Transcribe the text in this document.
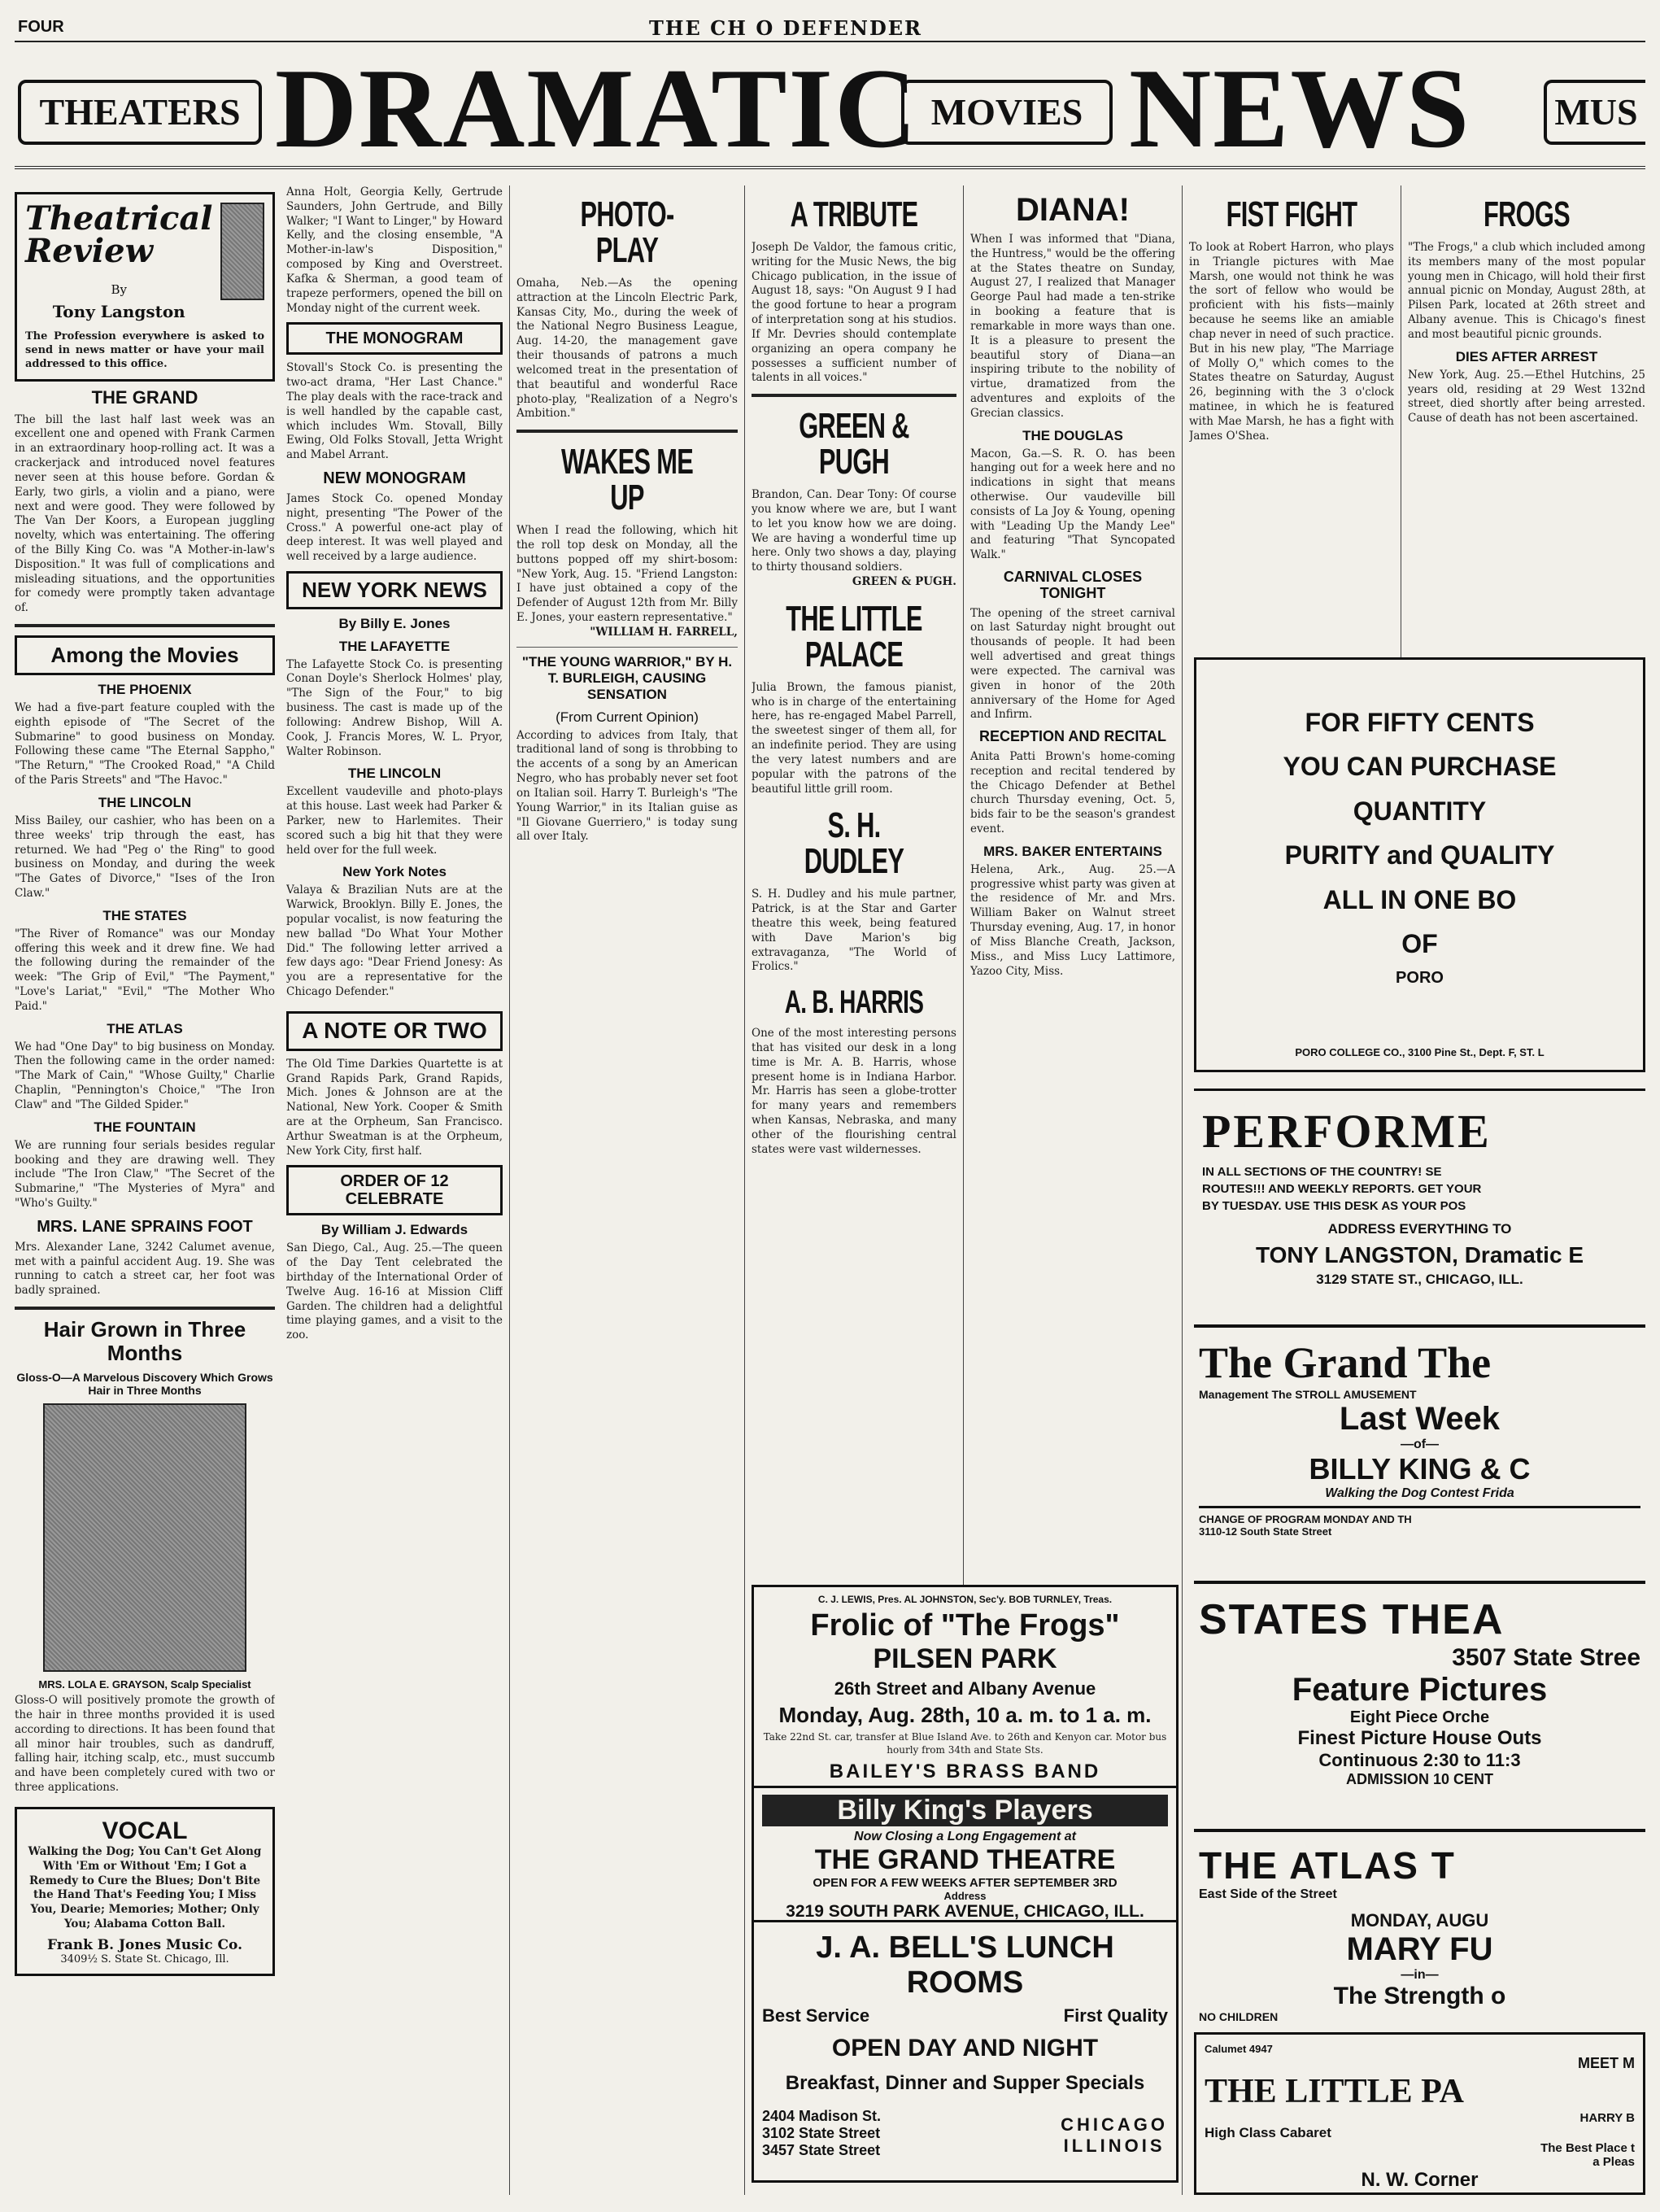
FOUR	THE CH O DEFENDER
THEATERS DRAMATIC MOVIES NEWS MUS
Theatrical Review
By
Tony Langston
The Profession everywhere is asked to send in news matter or have your mail addressed to this office.
THE GRAND
The bill the last half last week was an excellent one and opened with Frank Carmen in an extraordinary hoop-rolling act. It was a crackerjack and introduced novel features never seen at this house before. Gordan & Early, two girls, a violin and a piano, were next and were good. They were followed by The Van Der Koors, a European juggling novelty, which was entertaining. The offering of the Billy King Co. was "A Mother-in-law's Disposition." It was full of complications and misleading situations, and the opportunities for comedy were promptly taken advantage of.
Among the Movies
THE PHOENIX
We had a five-part feature coupled with the eighth episode of "The Secret of the Submarine" to good business on Monday. Following these came "The Eternal Sappho," "The Return," "The Crooked Road," "A Child of the Paris Streets" and "The Havoc."
THE LINCOLN
Miss Bailey, our cashier, who has been on a three weeks' trip through the east, has returned. We had "Peg o' the Ring" to good business on Monday, and during the week "The Gates of Divorce," "Ises of the Iron Claw."
THE STATES
"The River of Romance" was our Monday offering this week and it drew fine. We had the following during the remainder of the week: "The Grip of Evil," "The Payment," "Love's Lariat," "Evil," "The Mother Who Paid."
THE ATLAS
We had "One Day" to big business on Monday. Then the following came in the order named: "The Mark of Cain," "Whose Guilty," Charlie Chaplin, "Pennington's Choice," "The Iron Claw" and "The Gilded Spider."
THE FOUNTAIN
We are running four serials besides regular booking and they are drawing well. They include "The Iron Claw," "The Secret of the Submarine," "The Mysteries of Myra" and "Who's Guilty."
MRS. LANE SPRAINS FOOT
Mrs. Alexander Lane, 3242 Calumet avenue, met with a painful accident Aug. 19. She was running to catch a street car, her foot was badly sprained.
Hair Grown in Three Months
Gloss-O—A Marvelous Discovery Which Grows Hair in Three Months
MRS. LOLA E. GRAYSON, Scalp Specialist
Gloss-O will positively promote the growth of the hair in three months provided it is used according to directions. It has been found that all minor hair troubles, such as dandruff, falling hair, itching scalp, etc., must succumb and have been completely cured with two or three applications.
VOCAL
Walking the Dog; You Can't Get Along With 'Em or Without 'Em; I Got a Remedy to Cure the Blues; Don't Bite the Hand That's Feeding You; I Miss You, Dearie; Memories; Mother; Only You; Alabama Cotton Ball.
Frank B. Jones Music Co.
3409½ S. State St. Chicago, Ill.
Anna Holt, Georgia Kelly, Gertrude Saunders, John Gertrude, and Billy Walker; "I Want to Linger," by Howard Kelly, and the closing ensemble, "A Mother-in-law's Disposition," composed by King and Overstreet. Kafka & Sherman, a good team of trapeze performers, opened the bill on Monday night of the current week.
THE MONOGRAM
Stovall's Stock Co. is presenting the two-act drama, "Her Last Chance." The play deals with the race-track and is well handled by the capable cast, which includes Wm. Stovall, Billy Ewing, Old Folks Stovall, Jetta Wright and Mabel Arrant.
NEW MONOGRAM
James Stock Co. opened Monday night, presenting "The Power of the Cross." A powerful one-act play of deep interest. It was well played and well received by a large audience.
NEW YORK NEWS
By Billy E. Jones
THE LAFAYETTE
The Lafayette Stock Co. is presenting Conan Doyle's Sherlock Holmes' play, "The Sign of the Four," to big business. The cast is made up of the following: Andrew Bishop, Will A. Cook, J. Francis Mores, W. L. Pryor, Walter Robinson.
THE LINCOLN
Excellent vaudeville and photo-plays at this house. Last week had Parker & Parker, new to Harlemites. Their scored such a big hit that they were held over for the full week.
New York Notes
Valaya & Brazilian Nuts are at the Warwick, Brooklyn. Billy E. Jones, the popular vocalist, is now featuring the new ballad "Do What Your Mother Did." The following letter arrived a few days ago: "Dear Friend Jonesy: As you are a representative for the Chicago Defender."
A NOTE OR TWO
The Old Time Darkies Quartette is at Grand Rapids Park, Grand Rapids, Mich. Jones & Johnson are at the National, New York. Cooper & Smith are at the Orpheum, San Francisco. Arthur Sweatman is at the Orpheum, New York City, first half.
ORDER OF 12 CELEBRATE
By William J. Edwards
San Diego, Cal., Aug. 25.—The queen of the Day Tent celebrated the birthday of the International Order of Twelve Aug. 16-16 at Mission Cliff Garden. The children had a delightful time playing games, and a visit to the zoo.
PHOTO-PLAY
Omaha, Neb.—As the opening attraction at the Lincoln Electric Park, Kansas City, Mo., during the week of the National Negro Business League, Aug. 14-20, the management gave their thousands of patrons a much welcomed treat in the presentation of that beautiful and wonderful Race photo-play, "Realization of a Negro's Ambition."
WAKES ME UP
When I read the following, which hit the roll top desk on Monday, all the buttons popped off my shirt-bosom: "New York, Aug. 15. "Friend Langston: I have just obtained a copy of the Defender of August 12th from Mr. Billy E. Jones, your eastern representative."
"WILLIAM H. FARRELL,
"THE YOUNG WARRIOR," BY H. T. BURLEIGH, CAUSING SENSATION
(From Current Opinion)
According to advices from Italy, that traditional land of song is throbbing to the accents of a song by an American Negro, who has probably never set foot on Italian soil. Harry T. Burleigh's "The Young Warrior," in its Italian guise as "Il Giovane Guerriero," is today sung all over Italy.
A TRIBUTE
Joseph De Valdor, the famous critic, writing for the Music News, the big Chicago publication, in the issue of August 18, says: "On August 9 I had the good fortune to hear a program of interpretation song at his studios. If Mr. Devries should contemplate organizing an opera company he possesses a sufficient number of talents in all voices."
GREEN & PUGH
Brandon, Can. Dear Tony: Of course you know where we are, but I want to let you know how we are doing. We are having a wonderful time up here. Only two shows a day, playing to thirty thousand soldiers.
GREEN & PUGH.
THE LITTLE PALACE
Julia Brown, the famous pianist, who is in charge of the entertaining here, has re-engaged Mabel Parrell, the sweetest singer of them all, for an indefinite period. They are using the very latest numbers and are popular with the patrons of the beautiful little grill room.
S. H. DUDLEY
S. H. Dudley and his mule partner, Patrick, is at the Star and Garter theatre this week, being featured with Dave Marion's big extravaganza, "The World of Frolics."
A. B. HARRIS
One of the most interesting persons that has visited our desk in a long time is Mr. A. B. Harris, whose present home is in Indiana Harbor. Mr. Harris has seen a globe-trotter for many years and remembers when Kansas, Nebraska, and many other of the flourishing central states were vast wildernesses.
DIANA!
When I was informed that "Diana, the Huntress," would be the offering at the States theatre on Sunday, August 27, I realized that Manager George Paul had made a ten-strike in booking a feature that is remarkable in more ways than one. It is a pleasure to present the beautiful story of Diana—an inspiring tribute to the nobility of virtue, dramatized from the adventures and exploits of the Grecian classics.
THE DOUGLAS
Macon, Ga.—S. R. O. has been hanging out for a week here and no indications in sight that means otherwise. Our vaudeville bill consists of La Joy & Young, opening with "Leading Up the Mandy Lee" and featuring "That Syncopated Walk."
CARNIVAL CLOSES TONIGHT
The opening of the street carnival on last Saturday night brought out thousands of people. It had been well advertised and great things were expected. The carnival was given in honor of the 20th anniversary of the Home for Aged and Infirm.
RECEPTION AND RECITAL
Anita Patti Brown's home-coming reception and recital tendered by the Chicago Defender at Bethel church Thursday evening, Oct. 5, bids fair to be the season's grandest event.
MRS. BAKER ENTERTAINS
Helena, Ark., Aug. 25.—A progressive whist party was given at the residence of Mr. and Mrs. William Baker on Walnut street Thursday evening, Aug. 17, in honor of Miss Blanche Creath, Jackson, Miss., and Miss Lucy Lattimore, Yazoo City, Miss.
FIST FIGHT
To look at Robert Harron, who plays in Triangle pictures with Mae Marsh, one would not think he was the sort of fellow who would be proficient with his fists—mainly because he seems like an amiable chap never in need of such practice. But in his new play, "The Marriage of Molly O," which comes to the States theatre on Saturday, August 26, beginning with the 3 o'clock matinee, in which he is featured with Mae Marsh, he has a fight with James O'Shea.
FROGS
"The Frogs," a club which included among its members many of the most popular young men in Chicago, will hold their first annual picnic on Monday, August 28th, at Pilsen Park, located at 26th street and Albany avenue. This is Chicago's finest and most beautiful picnic grounds.
DIES AFTER ARREST
New York, Aug. 25.—Ethel Hutchins, 25 years old, residing at 29 West 132nd street, died shortly after being arrested. Cause of death has not been ascertained.
FOR FIFTY CENTS
YOU CAN PURCHASE
QUANTITY
PURITY and QUALITY
ALL IN ONE BO
OF
PORO
PORO COLLEGE CO., 3100 Pine St., Dept. F, ST. L
PERFORME
IN ALL SECTIONS OF THE COUNTRY! SE
ROUTES!!! AND WEEKLY REPORTS. GET YOUR
BY TUESDAY. USE THIS DESK AS YOUR POS
ADDRESS EVERYTHING TO
TONY LANGSTON, Dramatic E
3129 STATE ST., CHICAGO, ILL.
The Grand The
Management The STROLL AMUSEMENT
Last Week
—of—
BILLY KING & C
Walking the Dog Contest Frida
CHANGE OF PROGRAM MONDAY AND TH
3110-12 South State Street
STATES THEA
3507 State Stree
Feature Pictures
Eight Piece Orche
Finest Picture House Outs
Continuous 2:30 to 11:3
ADMISSION 10 CENT
THE ATLAS T
East Side of the Street
MONDAY, AUGU
MARY FU
—in—
The Strength o
NO CHILDREN
Calumet 4947
MEET M
THE LITTLE PA
HARRY B
High Class Cabaret
The Best Place t
a Pleas
N. W. Corner
C. J. LEWIS, Pres. AL JOHNSTON, Sec'y. BOB TURNLEY, Treas.
Frolic of "The Frogs"
PILSEN PARK
26th Street and Albany Avenue
Monday, Aug. 28th, 10 a. m. to 1 a. m.
Take 22nd St. car, transfer at Blue Island Ave. to 26th and Kenyon car. Motor bus hourly from 34th and State Sts.
BAILEY'S BRASS BAND
Billy King's Players
Now Closing a Long Engagement at
THE GRAND THEATRE
OPEN FOR A FEW WEEKS AFTER SEPTEMBER 3RD
Address
3219 SOUTH PARK AVENUE, CHICAGO, ILL.
J. A. BELL'S LUNCH ROOMS
Best Service	First Quality
OPEN DAY AND NIGHT
Breakfast, Dinner and Supper Specials
2404 Madison St.
3102 State Street
3457 State Street
CHICAGO
ILLINOIS
